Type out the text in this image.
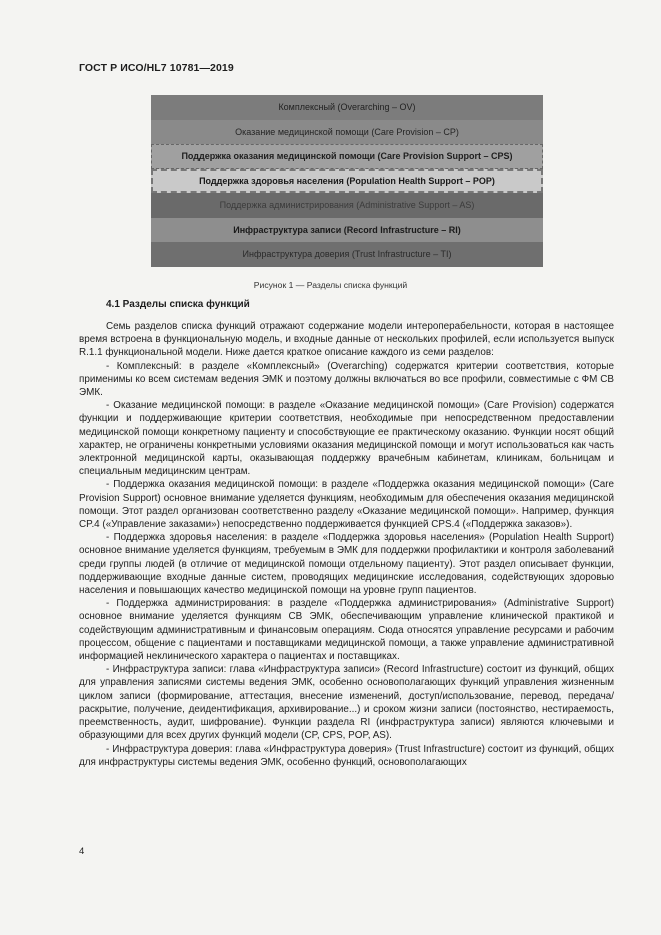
ГОСТ Р ИСО/HL7 10781—2019
Комплексный (Overarching – OV)
Оказание медицинской помощи (Care Provision – CP)
Поддержка оказания медицинской помощи (Care Provision Support – CPS)
Поддержка здоровья населения (Population Health Support – POP)
Поддержка администрирования (Administrative Support – AS)
Инфраструктура записи (Record Infrastructure – RI)
Инфраструктура доверия (Trust Infrastructure – TI)
Рисунок 1 — Разделы списка функций
4.1 Разделы списка функций

Семь разделов списка функций отражают содержание модели интероперабельности, которая в настоящее время встроена в функциональную модель, и входные данные от нескольких профилей, если используется выпуск R.1.1 функциональной модели. Ниже дается краткое описание каждого из семи разделов:

- Комплексный: в разделе «Комплексный» (Overarching) содержатся критерии соответствия, которые применимы ко всем системам ведения ЭМК и поэтому должны включаться во все профили, совместимые с ФМ СВ ЭМК.

- Оказание медицинской помощи: в разделе «Оказание медицинской помощи» (Care Provision) содержатся функции и поддерживающие критерии соответствия, необходимые при непосредственном предоставлении медицинской помощи конкретному пациенту и способствующие ее практическому оказанию. Функции носят общий характер, не ограничены конкретными условиями оказания медицинской помощи и могут использоваться как часть электронной медицинской карты, оказывающая поддержку врачебным кабинетам, клиникам, больницам и специальным медицинским центрам.

- Поддержка оказания медицинской помощи: в разделе «Поддержка оказания медицинской помощи» (Care Provision Support) основное внимание уделяется функциям, необходимым для обеспечения оказания медицинской помощи. Этот раздел организован соответственно разделу «Оказание медицинской помощи». Например, функция CP.4 («Управление заказами») непосредственно поддерживается функцией CPS.4 («Поддержка заказов»).

- Поддержка здоровья населения: в разделе «Поддержка здоровья населения» (Population Health Support) основное внимание уделяется функциям, требуемым в ЭМК для поддержки профилактики и контроля заболеваний среди группы людей (в отличие от медицинской помощи отдельному пациенту). Этот раздел описывает функции, поддерживающие входные данные систем, проводящих медицинские исследования, содействующих здоровью населения и повышающих качество медицинской помощи на уровне групп пациентов.

- Поддержка администрирования: в разделе «Поддержка администрирования» (Administrative Support) основное внимание уделяется функциям СВ ЭМК, обеспечивающим управление клинической практикой и содействующим административным и финансовым операциям. Сюда относятся управление ресурсами и рабочим процессом, общение с пациентами и поставщиками медицинской помощи, а также управление административной информацией неклинического характера о пациентах и поставщиках.

- Инфраструктура записи: глава «Инфраструктура записи» (Record Infrastructure) состоит из функций, общих для управления записями системы ведения ЭМК, особенно основополагающих функций управления жизненным циклом записи (формирование, аттестация, внесение изменений, доступ/использование, перевод, передача/раскрытие, получение, деидентификация, архивирование...) и сроком жизни записи (постоянство, нестираемость, преемственность, аудит, шифрование). Функции раздела RI (инфраструктура записи) являются ключевыми и образующими для всех других функций модели (CP, CPS, POP, AS).

- Инфраструктура доверия: глава «Инфраструктура доверия» (Trust Infrastructure) состоит из функций, общих для инфраструктуры системы ведения ЭМК, особенно функций, основополагающих

4
